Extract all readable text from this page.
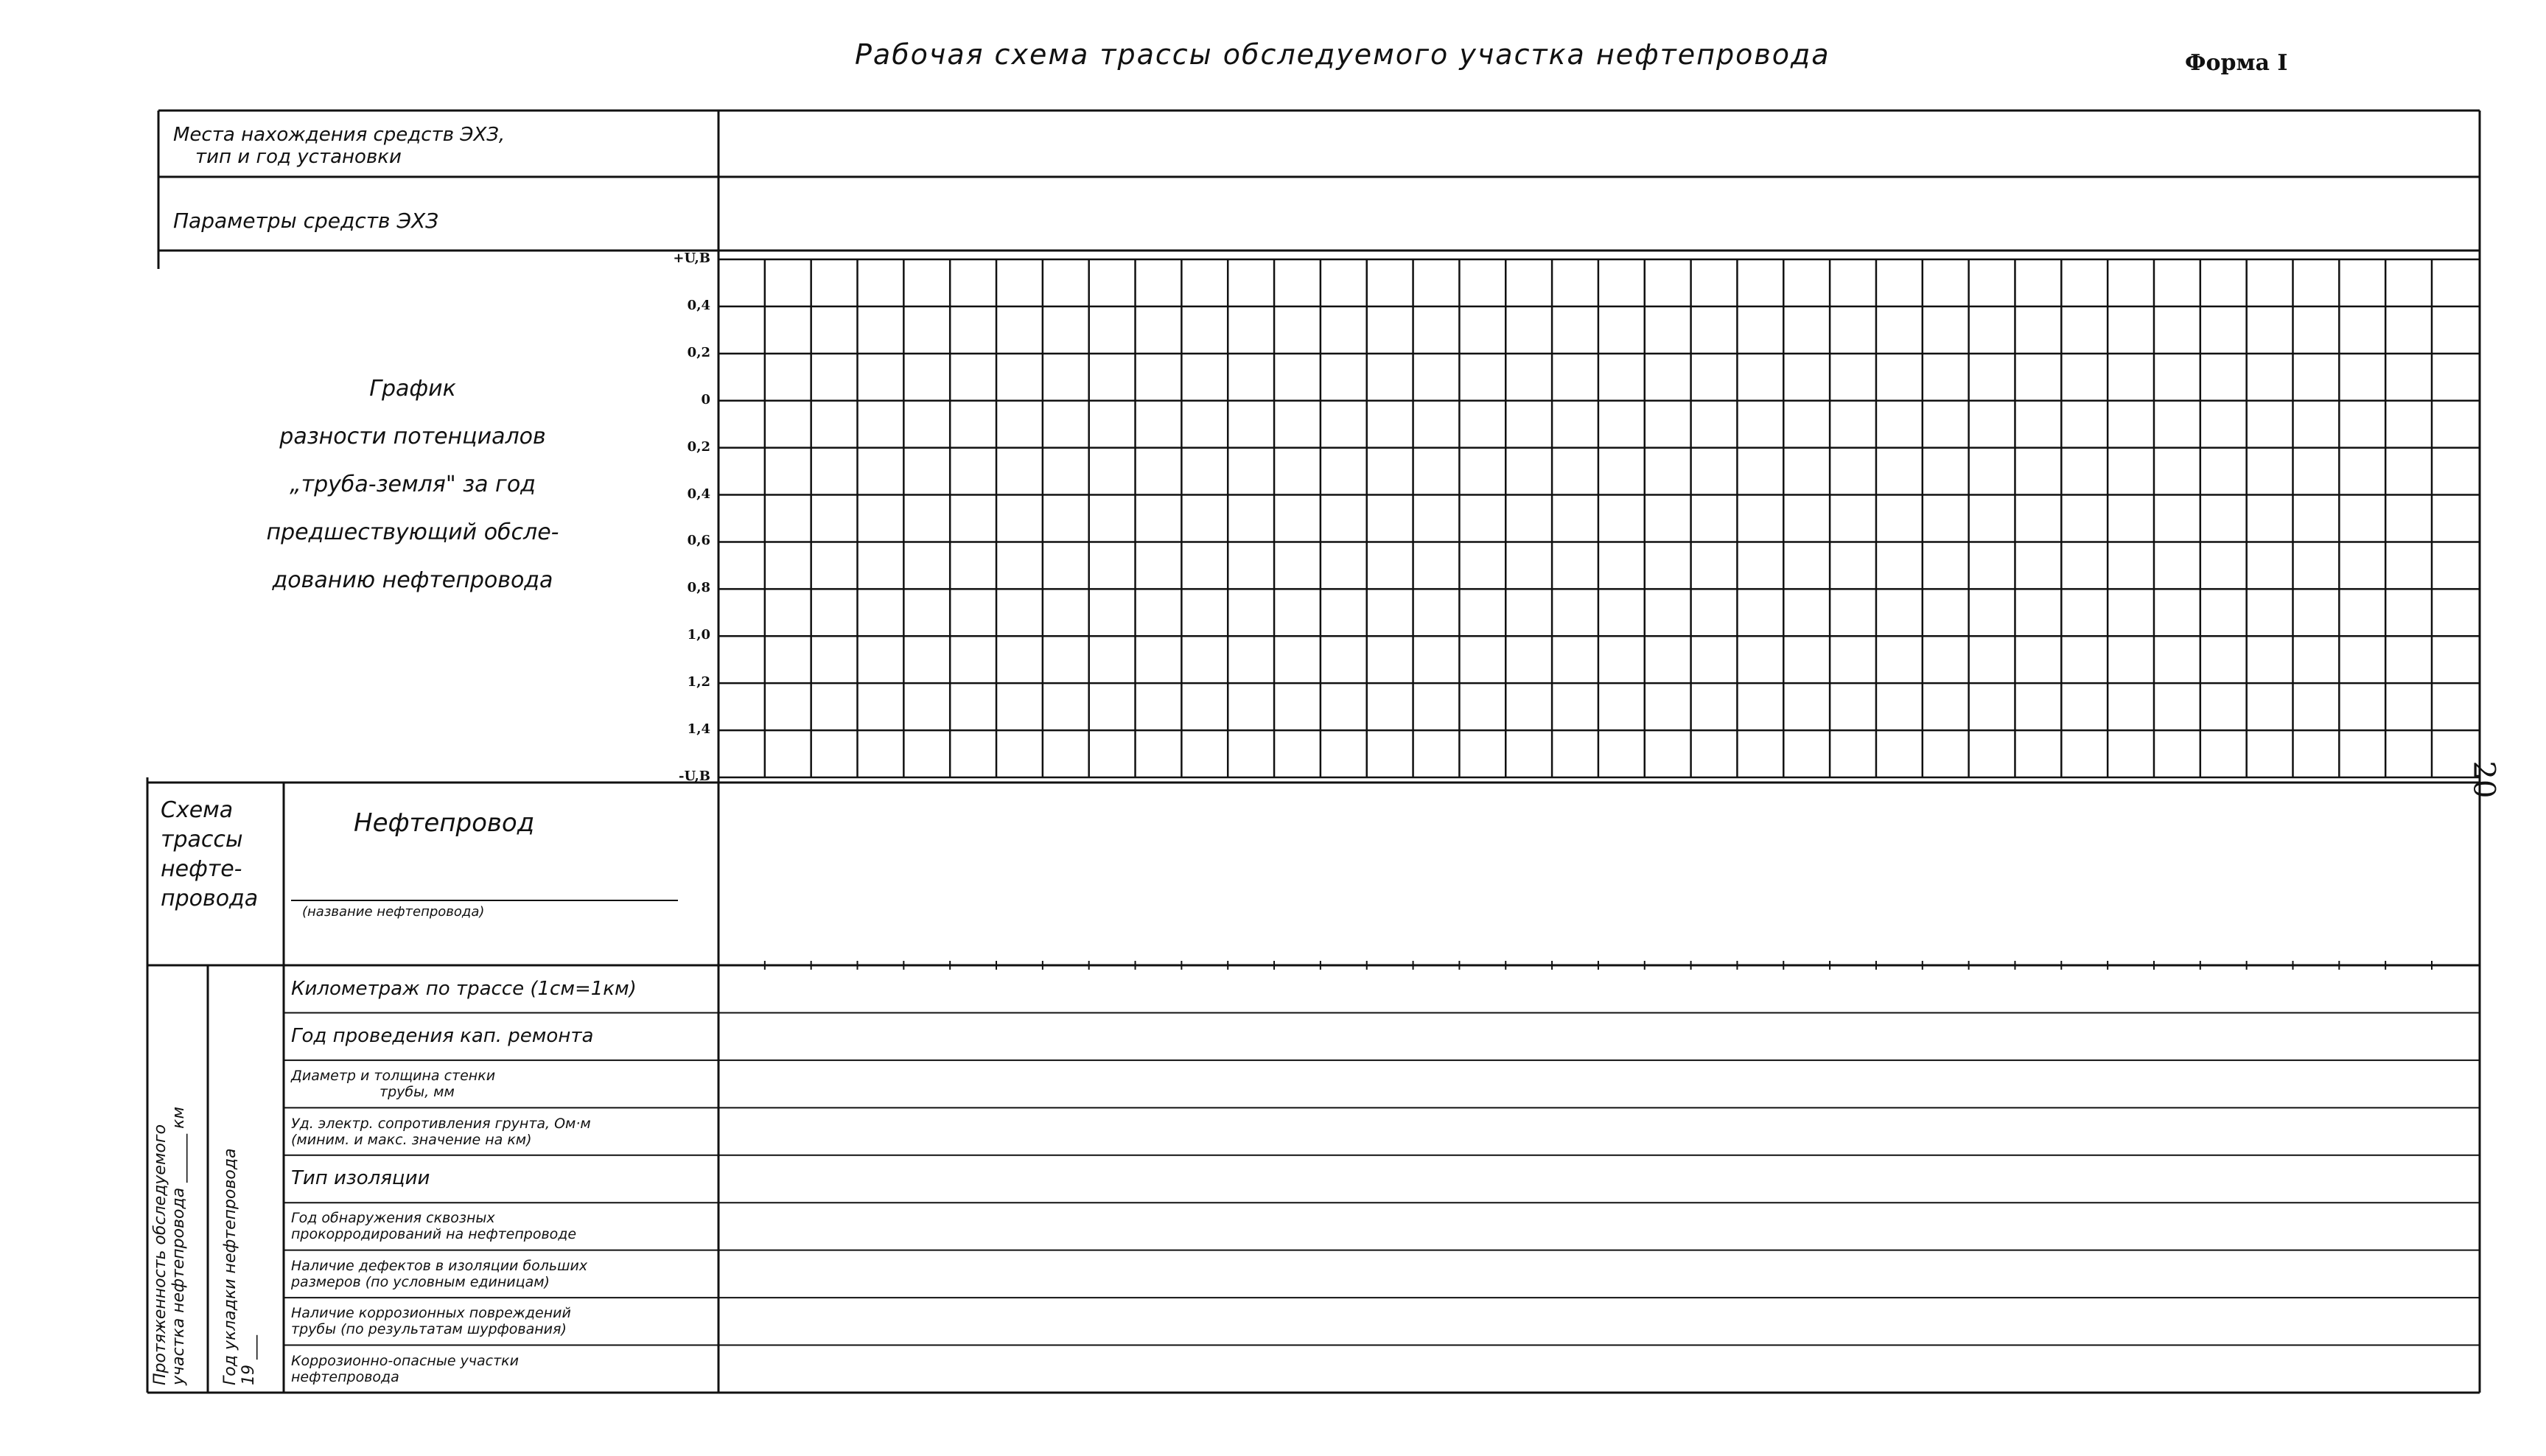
Рабочая схема трассы обследуемого участка нефтепровода	Форма I
20
Места нахождения средств ЭХЗ,
тип и год установки
Параметры средств ЭХЗ
График
разности потенциалов
„труба-земля" за год
предшествующий обсле-
дованию нефтепровода
+U,B
0,4
0,2
0
0,2
0,4
0,6
0,8
1,0
1,2
1,4
-U,B
Схема
трассы
нефте-
провода
Нефтепровод
(название нефтепровода)
Протяженность обследуемого участка нефтепровода ______ км Год укладки нефтепровода 19 ___
Километраж по трассе (1см=1км)
Год проведения кап. ремонта
Диаметр и толщина стенки
трубы, мм
Уд. электр. сопротивления грунта, Ом·м
(миним. и макс. значение на км)
Тип изоляции
Год обнаружения сквозных
прокорродирований на нефтепроводе
Наличие дефектов в изоляции больших
размеров (по условным единицам)
Наличие коррозионных повреждений
трубы (по результатам шурфования)
Коррозионно-опасные участки
нефтепровода
